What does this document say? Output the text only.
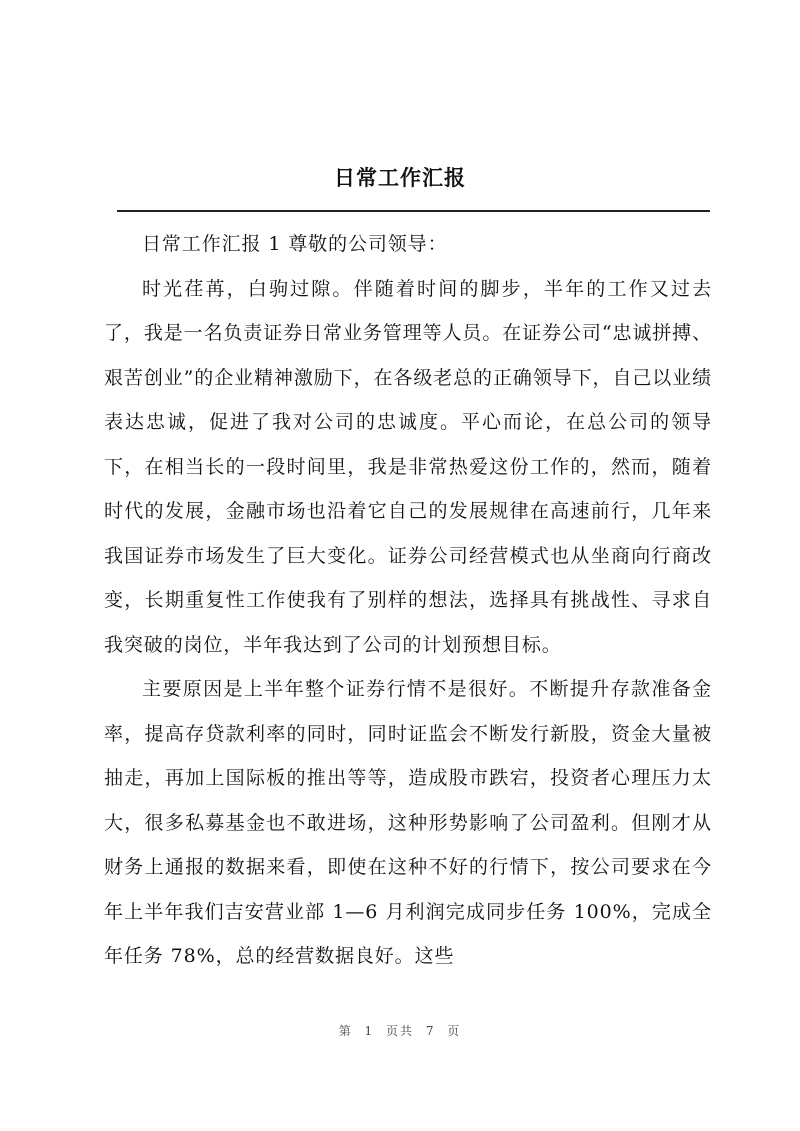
日常工作汇报

日常工作汇报 1 尊敬的公司领导：

时光荏苒，白驹过隙。伴随着时间的脚步，半年的工作又过去了，我是一名负责证券日常业务管理等人员。在证券公司“忠诚拼搏、艰苦创业”的企业精神激励下，在各级老总的正确领导下，自己以业绩表达忠诚，促进了我对公司的忠诚度。平心而论，在总公司的领导下，在相当长的一段时间里，我是非常热爱这份工作的，然而，随着时代的发展，金融市场也沿着它自己的发展规律在高速前行，几年来我国证券市场发生了巨大变化。证券公司经营模式也从坐商向行商改变，长期重复性工作使我有了别样的想法，选择具有挑战性、寻求自我突破的岗位，半年我达到了公司的计划预想目标。

主要原因是上半年整个证券行情不是很好。不断提升存款准备金率，提高存贷款利率的同时，同时证监会不断发行新股，资金大量被抽走，再加上国际板的推出等等，造成股市跌宕，投资者心理压力太大，很多私募基金也不敢进场，这种形势影响了公司盈利。但刚才从财务上通报的数据来看，即使在这种不好的行情下，按公司要求在今年上半年我们吉安营业部 1—6 月利润完成同步任务 100%，完成全年任务 78%，总的经营数据良好。这些

第 1 页共 7 页
